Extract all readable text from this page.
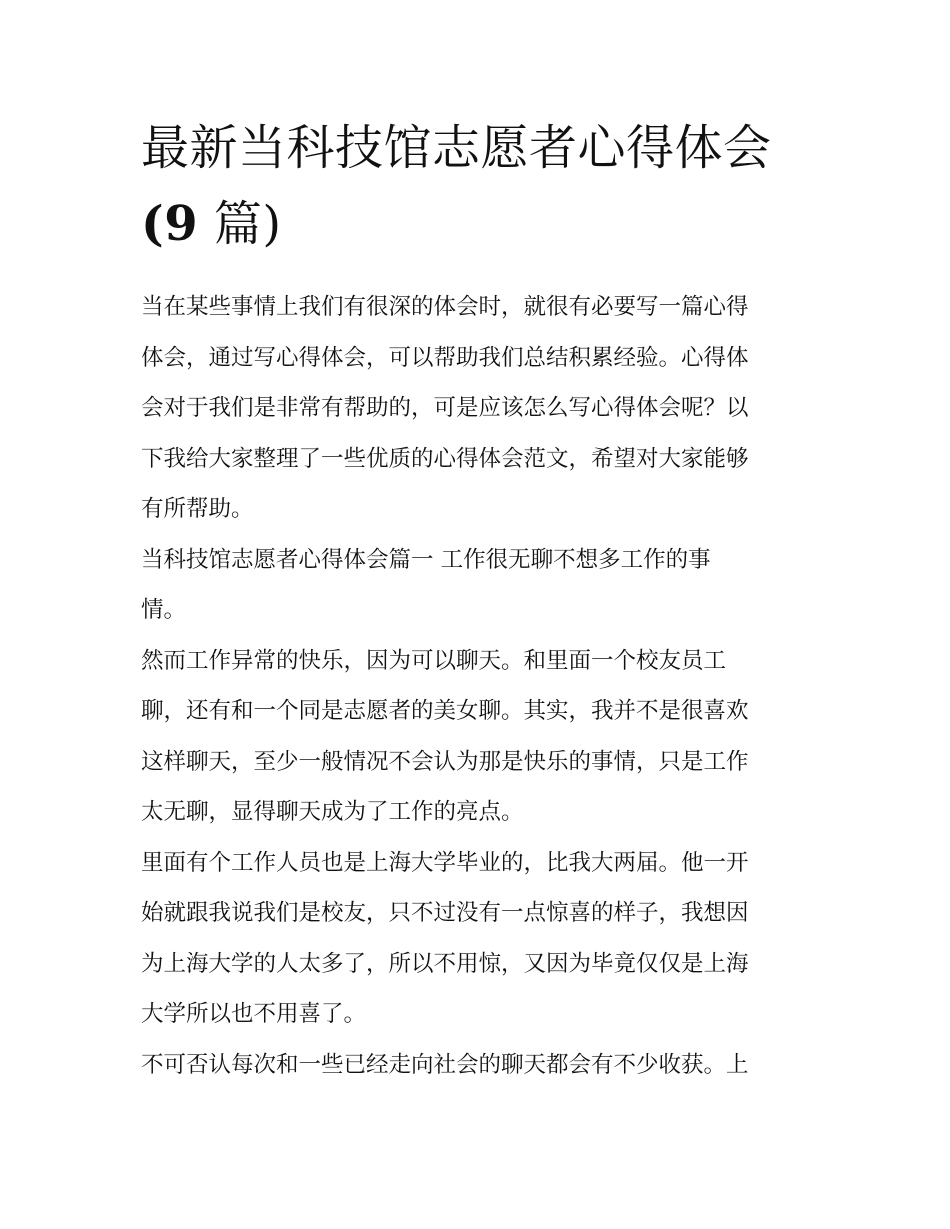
最新当科技馆志愿者心得体会
(9 篇)

当在某些事情上我们有很深的体会时，就很有必要写一篇心得
体会，通过写心得体会，可以帮助我们总结积累经验。心得体
会对于我们是非常有帮助的，可是应该怎么写心得体会呢？以
下我给大家整理了一些优质的心得体会范文，希望对大家能够
有所帮助。

当科技馆志愿者心得体会篇一 工作很无聊不想多工作的事
情。

然而工作异常的快乐，因为可以聊天。和里面一个校友员工
聊，还有和一个同是志愿者的美女聊。其实，我并不是很喜欢
这样聊天，至少一般情况不会认为那是快乐的事情，只是工作
太无聊，显得聊天成为了工作的亮点。

里面有个工作人员也是上海大学毕业的，比我大两届。他一开
始就跟我说我们是校友，只不过没有一点惊喜的样子，我想因
为上海大学的人太多了，所以不用惊，又因为毕竟仅仅是上海
大学所以也不用喜了。

不可否认每次和一些已经走向社会的聊天都会有不少收获。上
